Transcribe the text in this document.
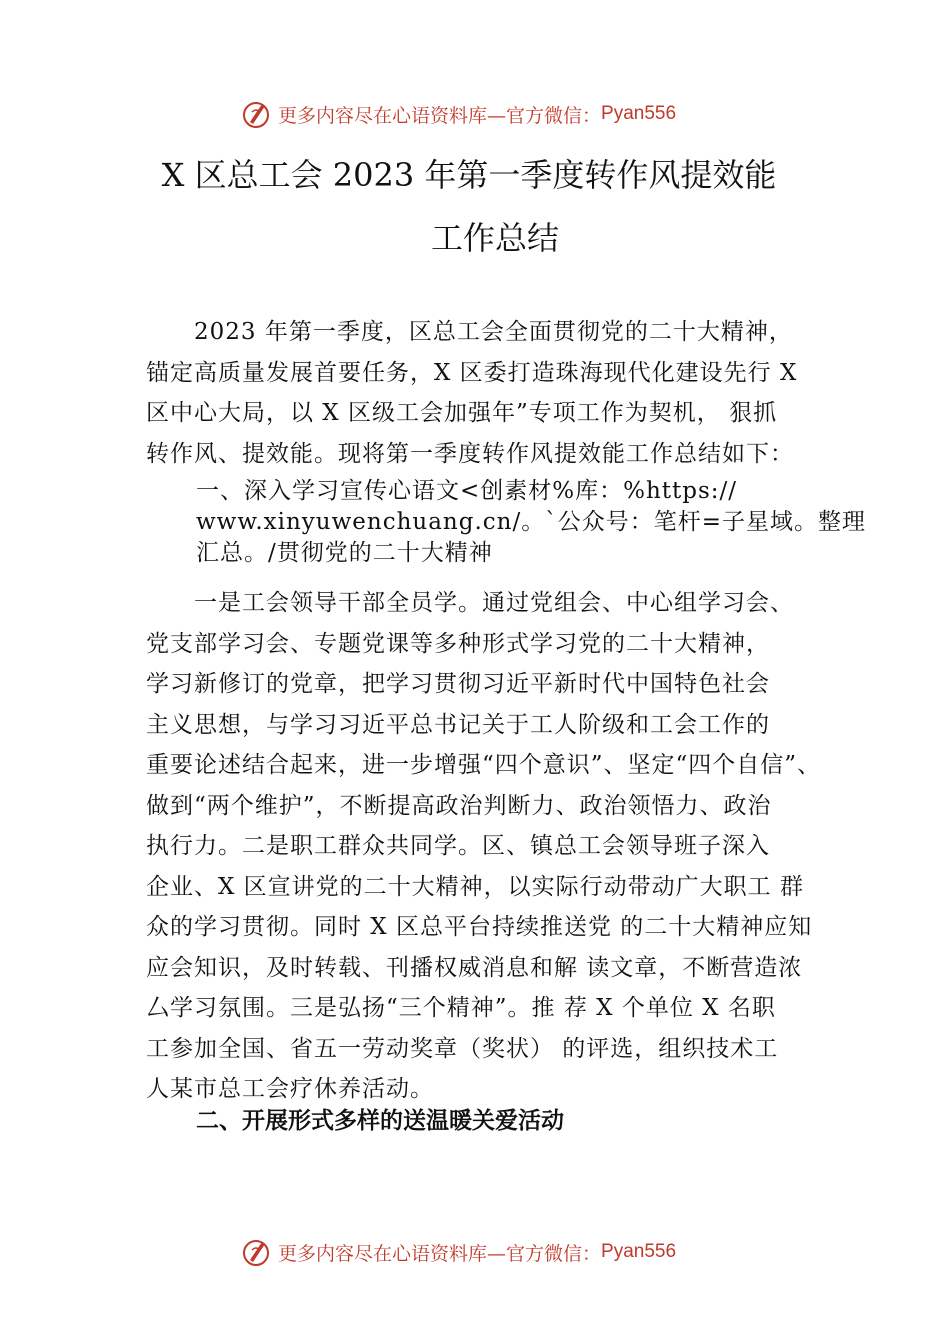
更多内容尽在心语资料库—官方微信： Pyan556
X 区总工会 2023 年第一季度转作风提效能
工作总结
2023 年第一季度，区总工会全面贯彻党的二十大精神，
锚定高质量发展首要任务，X 区委打造珠海现代化建设先行 X
区中心大局，以 X 区级工会加强年”专项工作为契机， 狠抓
转作风、提效能。现将第一季度转作风提效能工作总结如下：
一、深入学习宣传心语文<创素材%库：%https://
www.xinyuwenchuang.cn/。`公众号：笔杆=子星域。整理
汇总。/贯彻党的二十大精神
一是工会领导干部全员学。通过党组会、中心组学习会、
党支部学习会、专题党课等多种形式学习党的二十大精神，
学习新修订的党章，把学习贯彻习近平新时代中国特色社会
主义思想，与学习习近平总书记关于工人阶级和工会工作的
重要论述结合起来，进一步增强“四个意识”、坚定“四个自信”、
做到“两个维护”，不断提高政治判断力、政治领悟力、政治
执行力。二是职工群众共同学。区、镇总工会领导班子深入
企业、X 区宣讲党的二十大精神，以实际行动带动广大职工 群
众的学习贯彻。同时 X 区总平台持续推送党 的二十大精神应知
应会知识，及时转载、刊播权威消息和解 读文章，不断营造浓
厶学习氛围。三是弘扬“三个精神”。推 荐 X 个单位 X 名职
工参加全国、省五一劳动奖章（奖状） 的评选，组织技术工
人某市总工会疗休养活动。
二、开展形式多样的送温暖关爱活动
更多内容尽在心语资料库—官方微信： Pyan556
